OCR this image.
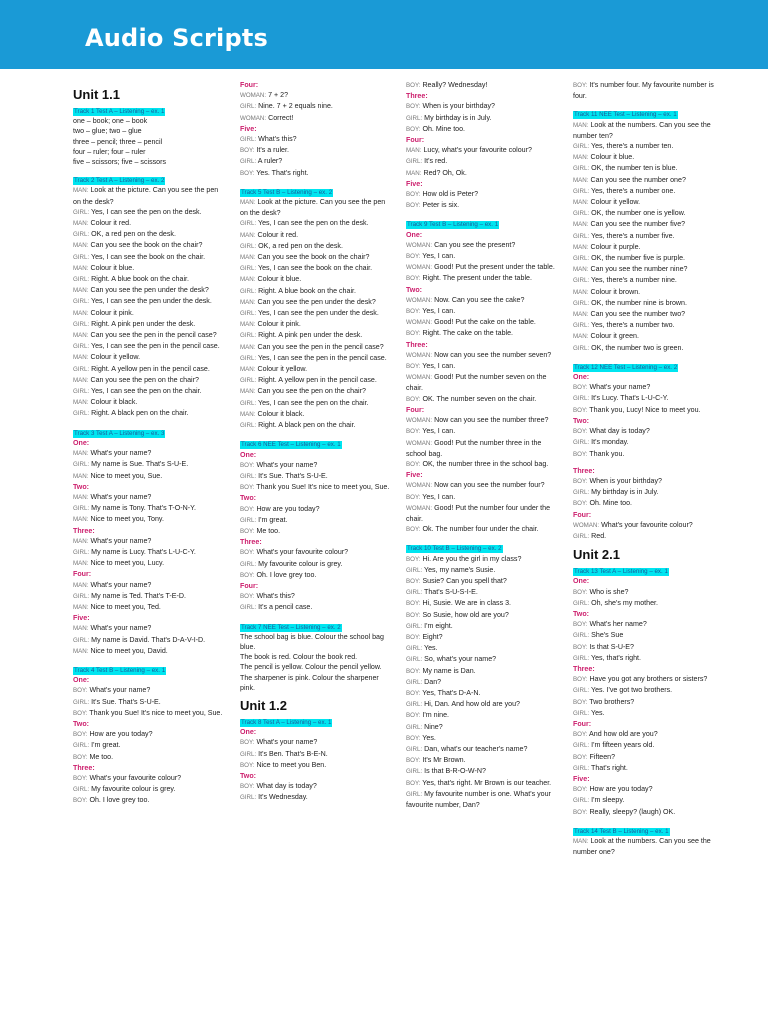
Audio Scripts
Unit 1.1
Track 1 Test A – Listening – ex. 1
one – book; one – book
two – glue; two – glue
three – pencil; three – pencil
four – ruler; four – ruler
five – scissors; five – scissors
Track 2 Test A – Listening – ex. 2
MAN: Look at the picture. Can you see the pen on the desk?
GIRL: Yes, I can see the pen on the desk.
MAN: Colour it red.
GIRL: OK, a red pen on the desk.
MAN: Can you see the book on the chair?
GIRL: Yes, I can see the book on the chair.
MAN: Colour it blue.
GIRL: Right. A blue book on the chair.
MAN: Can you see the pen under the desk?
GIRL: Yes, I can see the pen under the desk.
MAN: Colour it pink.
GIRL: Right. A pink pen under the desk.
MAN: Can you see the pen in the pencil case?
GIRL: Yes, I can see the pen in the pencil case.
MAN: Colour it yellow.
GIRL: Right. A yellow pen in the pencil case.
MAN: Can you see the pen on the chair?
GIRL: Yes, I can see the pen on the chair.
MAN: Colour it black.
GIRL: Right. A black pen on the chair.
Track 3 Test A – Listening – ex. 3
One:
MAN: What's your name?
GIRL: My name is Sue. That's S-U-E.
MAN: Nice to meet you, Sue.
Two:
MAN: What's your name?
GIRL: My name is Tony. That's T-O-N-Y.
MAN: Nice to meet you, Tony.
Three:
MAN: What's your name?
GIRL: My name is Lucy. That's L-U-C-Y.
MAN: Nice to meet you, Lucy.
Four:
MAN: What's your name?
GIRL: My name is Ted. That's T-E-D.
MAN: Nice to meet you, Ted.
Five:
MAN: What's your name?
GIRL: My name is David. That's D-A-V-I-D.
MAN: Nice to meet you, David.
Track 4 Test B – Listening – ex. 1
One:
BOY: What's your name?
GIRL: It's Sue. That's S-U-E.
BOY: Thank you Sue! It's nice to meet you, Sue.
Two:
BOY: How are you today?
GIRL: I'm great.
BOY: Me too.
Three:
BOY: What's your favourite colour?
GIRL: My favourite colour is grey.
BOY: Oh. I love grey too.
Four:
WOMAN: 7 + 2?
GIRL: Nine. 7 + 2 equals nine.
WOMAN: Correct!
Five:
GIRL: What's this?
BOY: It's a ruler.
GIRL: A ruler?
BOY: Yes. That's right.
Track 5 Test B – Listening – ex. 2
MAN: Look at the picture. Can you see the pen on the desk?
GIRL: Yes, I can see the pen on the desk.
MAN: Colour it red.
GIRL: OK, a red pen on the desk.
MAN: Can you see the book on the chair?
GIRL: Yes, I can see the book on the chair.
MAN: Colour it blue.
GIRL: Right. A blue book on the chair.
MAN: Can you see the pen under the desk?
GIRL: Yes, I can see the pen under the desk.
MAN: Colour it pink.
GIRL: Right. A pink pen under the desk.
MAN: Can you see the pen in the pencil case?
GIRL: Yes, I can see the pen in the pencil case.
MAN: Colour it yellow.
GIRL: Right. A yellow pen in the pencil case.
MAN: Can you see the pen on the chair?
GIRL: Yes, I can see the pen on the chair.
MAN: Colour it black.
GIRL: Right. A black pen on the chair.
Track 6 NEE Test – Listening – ex. 1
One:
BOY: What's your name?
GIRL: It's Sue. That's S-U-E.
BOY: Thank you Sue! It's nice to meet you, Sue.
Two:
BOY: How are you today?
GIRL: I'm great.
BOY: Me too.
Three:
BOY: What's your favourite colour?
GIRL: My favourite colour is grey.
BOY: Oh. I love grey too.
Four:
BOY: What's this?
GIRL: It's a pencil case.
Track 7 NEE Test – Listening – ex. 2
The school bag is blue. Colour the school bag blue.
The book is red. Colour the book red.
The pencil is yellow. Colour the pencil yellow.
The sharpener is pink. Colour the sharpener pink.
Unit 1.2
Track 8 Test A – Listening – ex. 1
One:
BOY: What's your name?
GIRL: It's Ben. That's B-E-N.
BOY: Nice to meet you Ben.
Two:
BOY: What day is today?
GIRL: It's Wednesday.
BOY: Really? Wednesday!
Three:
BOY: When is your birthday?
GIRL: My birthday is in July.
BOY: Oh. Mine too.
Four:
MAN: Lucy, what's your favourite colour?
GIRL: It's red.
MAN: Red? Oh, Ok.
Five:
BOY: How old is Peter?
BOY: Peter is six.
Track 9 Test B – Listening – ex. 1
One:
WOMAN: Can you see the present?
BOY: Yes, I can.
WOMAN: Good! Put the present under the table.
BOY: Right. The present under the table.
Two:
WOMAN: Now. Can you see the cake?
BOY: Yes, I can.
WOMAN: Good! Put the cake on the table.
BOY: Right. The cake on the table.
Three:
WOMAN: Now can you see the number seven?
BOY: Yes, I can.
WOMAN: Good! Put the number seven on the chair.
BOY: OK. The number seven on the chair.
Four:
WOMAN: Now can you see the number three?
BOY: Yes, I can.
WOMAN: Good! Put the number three in the school bag.
BOY: OK, the number three in the school bag.
Five:
WOMAN: Now can you see the number four?
BOY: Yes, I can.
WOMAN: Good! Put the number four under the chair.
BOY: Ok. The number four under the chair.
Track 10 Test B – Listening – ex. 2
BOY: Hi. Are you the girl in my class?
GIRL: Yes, my name's Susie.
BOY: Susie? Can you spell that?
GIRL: That's S-U-S-I-E.
BOY: Hi, Susie. We are in class 3.
BOY: So Susie, how old are you?
GIRL: I'm eight.
BOY: Eight?
GIRL: Yes.
GIRL: So, what's your name?
BOY: My name is Dan.
GIRL: Dan?
BOY: Yes, That's D-A-N.
GIRL: Hi, Dan. And how old are you?
BOY: I'm nine.
GIRL: Nine?
BOY: Yes.
GIRL: Dan, what's our teacher's name?
BOY: It's Mr Brown.
GIRL: Is that B-R-O-W-N?
BOY: Yes, that's right. Mr Brown is our teacher.
GIRL: My favourite number is one. What's your favourite number, Dan?
BOY: It's number four. My favourite number is four.
Track 11 NEE Test – Listening – ex. 1
MAN: Look at the numbers. Can you see the number ten?
GIRL: Yes, there's a number ten.
MAN: Colour it blue.
GIRL: OK, the number ten is blue.
MAN: Can you see the number one?
GIRL: Yes, there's a number one.
MAN: Colour it yellow.
GIRL: OK, the number one is yellow.
MAN: Can you see the number five?
GIRL: Yes, there's a number five.
MAN: Colour it purple.
GIRL: OK, the number five is purple.
MAN: Can you see the number nine?
GIRL: Yes, there's a number nine.
MAN: Colour it brown.
GIRL: OK, the number nine is brown.
MAN: Can you see the number two?
GIRL: Yes, there's a number two.
MAN: Colour it green.
GIRL: OK, the number two is green.
Track 12 NEE Test – Listening – ex. 2
One:
BOY: What's your name?
GIRL: It's Lucy. That's L-U-C-Y.
BOY: Thank you, Lucy! Nice to meet you.
Two:
BOY: What day is today?
GIRL: It's monday.
BOY: Thank you.
Three:
BOY: When is your birthday?
GIRL: My birthday is in July.
BOY: Oh. Mine too.
Four:
WOMAN: What's your favourite colour?
GIRL: Red.
Unit 2.1
Track 13 Test A – Listening – ex. 1
One:
BOY: Who is she?
GIRL: Oh, she's my mother.
Two:
BOY: What's her name?
GIRL: She's Sue
BOY: Is that S-U-E?
GIRL: Yes, that's right.
Three:
BOY: Have you got any brothers or sisters?
GIRL: Yes. I've got two brothers.
BOY: Two brothers?
GIRL: Yes.
Four:
BOY: And how old are you?
GIRL: I'm fifteen years old.
BOY: Fifteen?
GIRL: That's right.
Five:
BOY: How are you today?
GIRL: I'm sleepy.
BOY: Really, sleepy? (laugh) OK.
Track 14 Test B – Listening – ex. 1
MAN: Look at the numbers. Can you see the number one?
